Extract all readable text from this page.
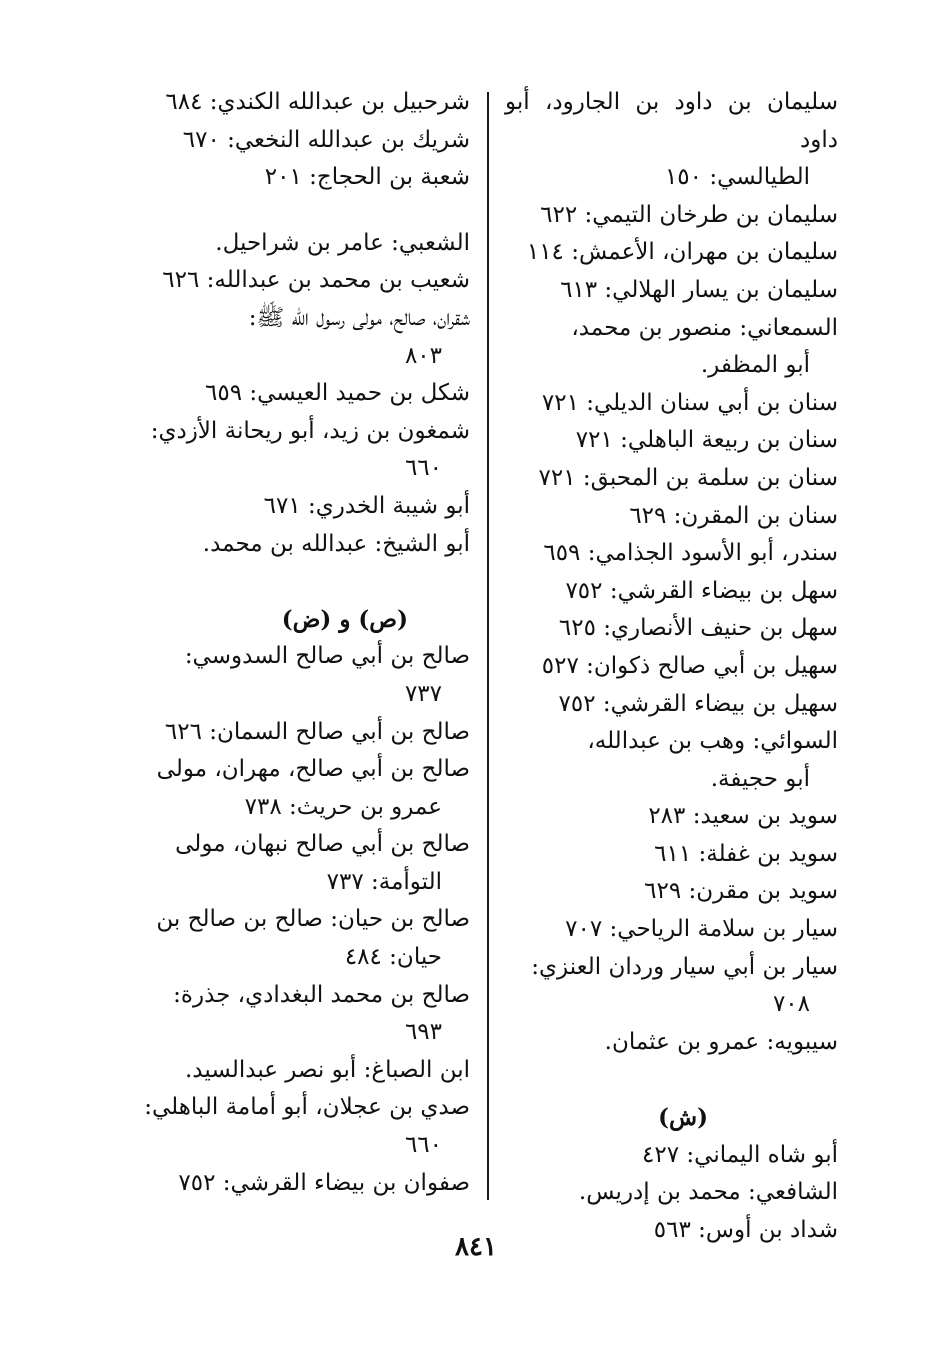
سليمان بن داود بن الجارود، أبو داود
الطيالسي: ١٥٠
سليمان بن طرخان التيمي: ٦٢٢
سليمان بن مهران، الأعمش: ١١٤
سليمان بن يسار الهلالي: ٦١٣
السمعاني: منصور بن محمد،
أبو المظفر.
سنان بن أبي سنان الديلي: ٧٢١
سنان بن ربيعة الباهلي: ٧٢١
سنان بن سلمة بن المحبق: ٧٢١
سنان بن المقرن: ٦٢٩
سندر، أبو الأسود الجذامي: ٦٥٩
سهل بن بيضاء القرشي: ٧٥٢
سهل بن حنيف الأنصاري: ٦٢٥
سهيل بن أبي صالح ذكوان: ٥٢٧
سهيل بن بيضاء القرشي: ٧٥٢
السوائي: وهب بن عبدالله،
أبو حجيفة.
سويد بن سعيد: ٢٨٣
سويد بن غفلة: ٦١١
سويد بن مقرن: ٦٢٩
سيار بن سلامة الرياحي: ٧٠٧
سيار بن أبي سيار وردان العنزي:
٧٠٨
سيبويه: عمرو بن عثمان.
(ش)
أبو شاه اليماني: ٤٢٧
الشافعي: محمد بن إدريس.
شداد بن أوس: ٥٦٣
شرحبيل بن عبدالله الكندي: ٦٨٤
شريك بن عبدالله النخعي: ٦٧٠
شعبة بن الحجاج: ٢٠١
الشعبي: عامر بن شراحيل.
شعيب بن محمد بن عبدالله: ٦٢٦
شقران، صالح، مولى رسول الله ﷺ:
٨٠٣
شكل بن حميد العيسي: ٦٥٩
شمغون بن زيد، أبو ريحانة الأزدي:
٦٦٠
أبو شيبة الخدري: ٦٧١
أبو الشيخ: عبدالله بن محمد.
(ص) و (ض)
صالح بن أبي صالح السدوسي:
٧٣٧
صالح بن أبي صالح السمان: ٦٢٦
صالح بن أبي صالح، مهران، مولى
عمرو بن حريث: ٧٣٨
صالح بن أبي صالح نبهان، مولى
التوأمة: ٧٣٧
صالح بن حيان: صالح بن صالح بن
حيان: ٤٨٤
صالح بن محمد البغدادي، جذرة:
٦٩٣
ابن الصباغ: أبو نصر عبدالسيد.
صدي بن عجلان، أبو أمامة الباهلي:
٦٦٠
صفوان بن بيضاء القرشي: ٧٥٢
٨٤١
